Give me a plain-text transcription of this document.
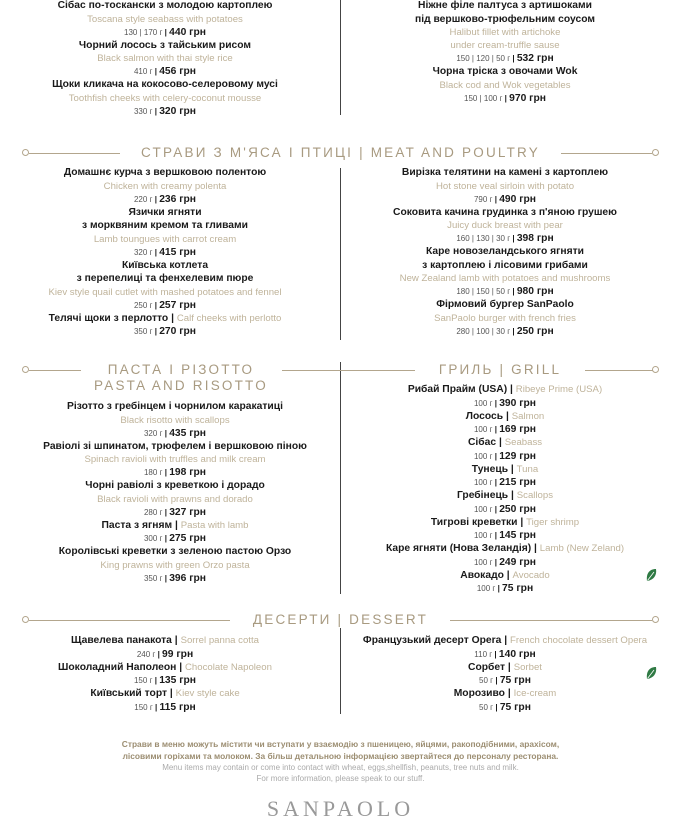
Сібас по-тоскански з молодою картоплею
Toscana style seabass with potatoes
130 | 170 г | 440 грн
Чорний лосось з тайським рисом
Black salmon with thai style rice
410 г | 456 грн
Щоки кликача на кокосово-селеровому мусі
Toothfish cheeks with celery-coconut mousse
330 г | 320 грн
Ніжне філе палтуса з артишоками
під вершково-трюфельним соусом
Halibut fillet with artichoke
under cream-truffle sause
150 | 120 | 50 г | 532 грн
Чорна тріска з овочами Wok
Black cod and Wok vegetables
150 | 100 г | 970 грн
СТРАВИ З М'ЯСА І ПТИЦІ | MEAT AND POULTRY
Домашнє курча з вершковою полентою
Chicken with creamy polenta
220 г | 236 грн
Язички ягняти
з морквяним кремом та гливами
Lamb toungues with carrot cream
320 г | 415 грн
Київська котлета
з перепелиці та фенхелевим пюре
Kiev style quail cutlet with mashed potatoes and fennel
250 г | 257 грн
Телячі щоки з перлотто | Calf cheeks with perlotto
350 г | 270 грн
Вирізка телятини на камені з картоплею
Hot stone veal sirloin with potato
790 г | 490 грн
Соковита качина грудинка з п'яною грушею
Juicy duck breast with pear
160 | 130 | 30 г | 398 грн
Каре новозеландського ягняти
з картоплею і лісовими грибами
New Zealand lamb with potatoes and mushrooms
180 | 150 | 50 г | 980 грн
Фірмовий бургер SanPaolo
SanPaolo burger with french fries
280 | 100 | 30 г | 250 грн
ПАСТА І РІЗОТТО
PASTA AND RISOTTO
ГРИЛЬ | GRILL
Різотто з гребінцем і чорнилом каракатиці
Black risotto with scallops
320 г | 435 грн
Равіолі зі шпинатом, трюфелем і вершковою піною
Spinach ravioli with truffles and milk cream
180 г | 198 грн
Чорні равіолі з креветкою і дорадо
Black ravioli with prawns and dorado
280 г | 327 грн
Паста з ягням | Pasta with lamb
300 г | 275 грн
Королівські креветки з зеленою пастою Орзо
King prawns with green Orzo pasta
350 г | 396 грн
Рибай Прайм (USA) | Ribeye Prime (USA)
100 г | 390 грн
Лосось | Salmon
100 г | 169 грн
Сібас | Seabass
100 г | 129 грн
Тунець | Tuna
100 г | 215 грн
Гребінець | Scallops
100 г | 250 грн
Тигрові креветки | Tiger shrimp
100 г | 145 грн
Каре ягняти (Нова Зеландія) | Lamb (New Zeland)
100 г | 249 грн
Авокадо | Avocado
100 г | 75 грн
ДЕСЕРТИ | DESSERT
Щавелева панакота | Sorrel panna cotta
240 г | 99 грн
Шоколадний Наполеон | Chocolate Napoleon
150 г | 135 грн
Київський торт | Kiev style cake
150 г | 115 грн
Французький десерт Opera | French chocolate dessert Opera
110 г | 140 грн
Сорбет | Sorbet
50 г | 75 грн
Морозиво | Ice-cream
50 г | 75 грн
Страви в меню можуть містити чи вступати у взаємодію з пшеницею, яйцями, ракоподібними, арахісом,
лісовими горіхами та молоком. За більш детальною інформацією звертайтеся до персоналу ресторана.
Menu items may contain or come into contact with wheat, eggs,shellfish, peanuts, tree nuts and milk.
For more information, please speak to our stuff.
SANPAOLO
